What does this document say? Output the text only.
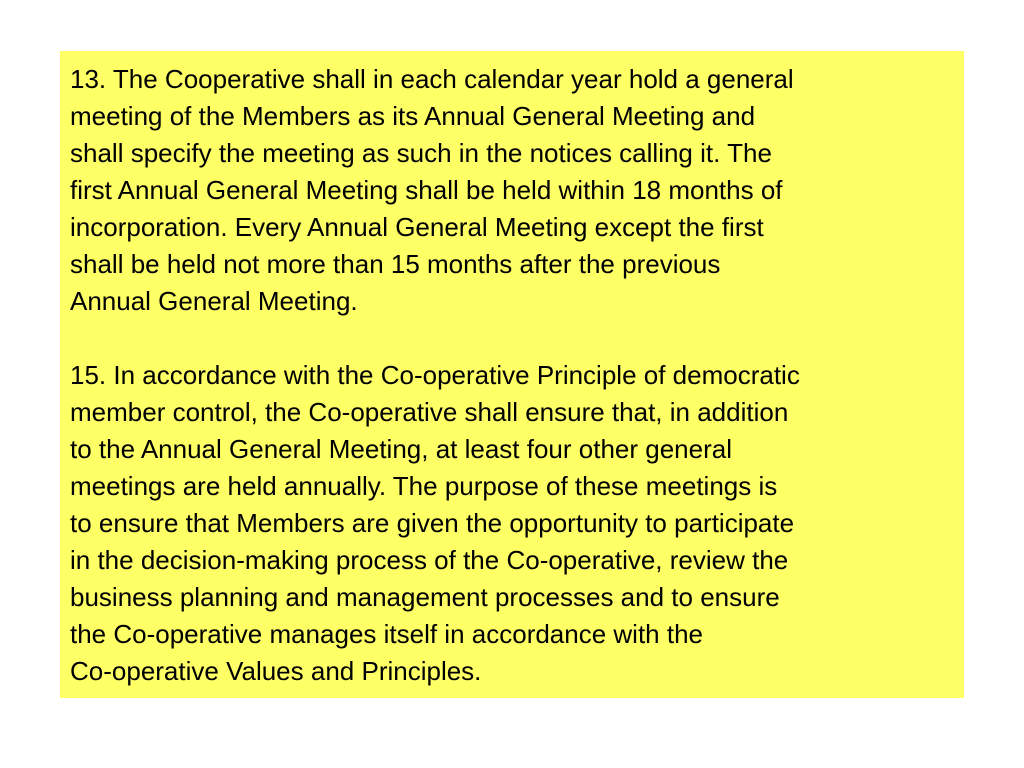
13. The Cooperative shall in each calendar year hold a general
meeting of the Members as its Annual General Meeting and
shall specify the meeting as such in the notices calling it. The
first Annual General Meeting shall be held within 18 months of
incorporation. Every Annual General Meeting except the first
shall be held not more than 15 months after the previous
Annual General Meeting.

15. In accordance with the Co-operative Principle of democratic
member control, the Co-operative shall ensure that, in addition
to the Annual General Meeting, at least four other general
meetings are held annually. The purpose of these meetings is
to ensure that Members are given the opportunity to participate
in the decision-making process of the Co-operative, review the
business planning and management processes and to ensure
the Co-operative manages itself in accordance with the
Co-operative Values and Principles.
